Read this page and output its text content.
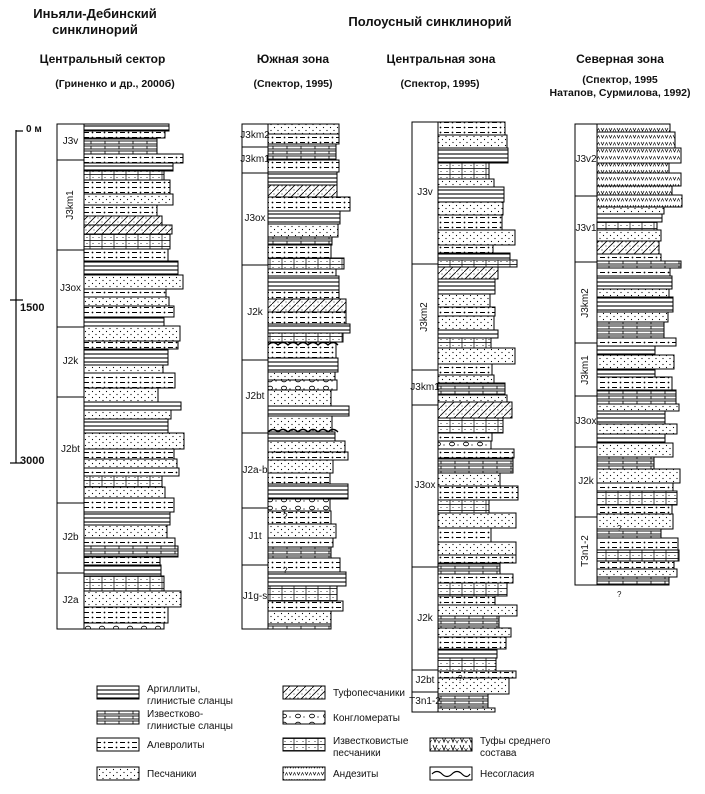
Иньяли-Дебинский
синклинорий
Полоусный синклинорий
Центральный сектор
(Гриненко и др., 2000б)
Южная зона
(Спектор, 1995)
Центральная зона
(Спектор, 1995)
Северная зона
(Спектор, 1995
Натапов, Сурмилова, 1992)
0 м
1500
3000
J3v
J3km1
J3ox
J2k
J2bt
J2b
J2a
J3km2
J3km1
J3ox
J2k
J2bt
J2a-b
J1t
J1g-s
J3v
J3km2
J3km1
J3ox
J2k
J2bt
T3n1-2
J3v2
J3v1
J3km2
J3km1
J3ox
J2k
T3n1-2
?
?
?
?
?
Аргиллиты,
глинистые сланцы
Известково-
глинистые сланцы
Алевролиты
Песчаники
Туфопесчаники
Конгломераты
Известковистые
песчаники
Андезиты
Туфы среднего
состава
Несогласия
